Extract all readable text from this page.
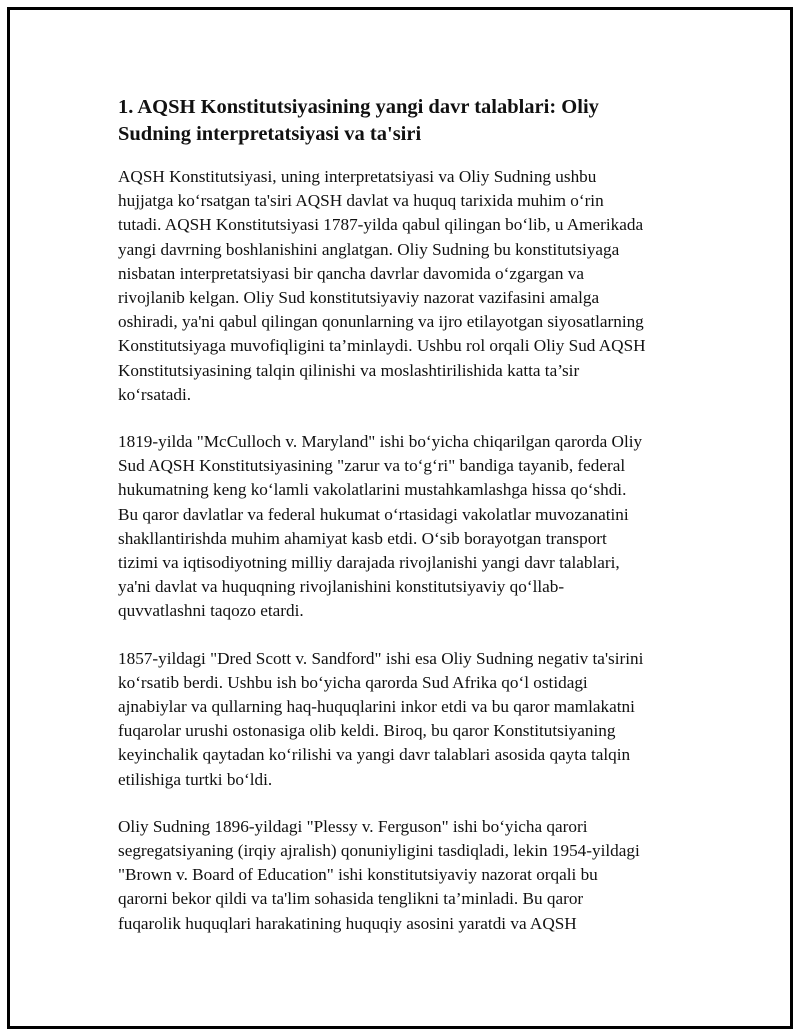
1. AQSH Konstitutsiyasining yangi davr talablari: Oliy
Sudning interpretatsiyasi va ta'siri

AQSH Konstitutsiyasi, uning interpretatsiyasi va Oliy Sudning ushbu
hujjatga ko‘rsatgan ta'siri AQSH davlat va huquq tarixida muhim o‘rin
tutadi. AQSH Konstitutsiyasi 1787-yilda qabul qilingan bo‘lib, u Amerikada
yangi davrning boshlanishini anglatgan. Oliy Sudning bu konstitutsiyaga
nisbatan interpretatsiyasi bir qancha davrlar davomida o‘zgargan va
rivojlanib kelgan. Oliy Sud konstitutsiyaviy nazorat vazifasini amalga
oshiradi, ya'ni qabul qilingan qonunlarning va ijro etilayotgan siyosatlarning
Konstitutsiyaga muvofiqligini ta’minlaydi. Ushbu rol orqali Oliy Sud AQSH
Konstitutsiyasining talqin qilinishi va moslashtirilishida katta ta’sir
ko‘rsatadi.

1819-yilda "McCulloch v. Maryland" ishi bo‘yicha chiqarilgan qarorda Oliy
Sud AQSH Konstitutsiyasining "zarur va to‘g‘ri" bandiga tayanib, federal
hukumatning keng ko‘lamli vakolatlarini mustahkamlashga hissa qo‘shdi.
Bu qaror davlatlar va federal hukumat o‘rtasidagi vakolatlar muvozanatini
shakllantirishda muhim ahamiyat kasb etdi. O‘sib borayotgan transport
tizimi va iqtisodiyotning milliy darajada rivojlanishi yangi davr talablari,
ya'ni davlat va huquqning rivojlanishini konstitutsiyaviy qo‘llab-
quvvatlashni taqozo etardi.

1857-yildagi "Dred Scott v. Sandford" ishi esa Oliy Sudning negativ ta'sirini
ko‘rsatib berdi. Ushbu ish bo‘yicha qarorda Sud Afrika qo‘l ostidagi
ajnabiylar va qullarning haq-huquqlarini inkor etdi va bu qaror mamlakatni
fuqarolar urushi ostonasiga olib keldi. Biroq, bu qaror Konstitutsiyaning
keyinchalik qaytadan ko‘rilishi va yangi davr talablari asosida qayta talqin
etilishiga turtki bo‘ldi.

Oliy Sudning 1896-yildagi "Plessy v. Ferguson" ishi bo‘yicha qarori
segregatsiyaning (irqiy ajralish) qonuniyligini tasdiqladi, lekin 1954-yildagi
"Brown v. Board of Education" ishi konstitutsiyaviy nazorat orqali bu
qarorni bekor qildi va ta'lim sohasida tenglikni ta’minladi. Bu qaror
fuqarolik huquqlari harakatining huquqiy asosini yaratdi va AQSH
